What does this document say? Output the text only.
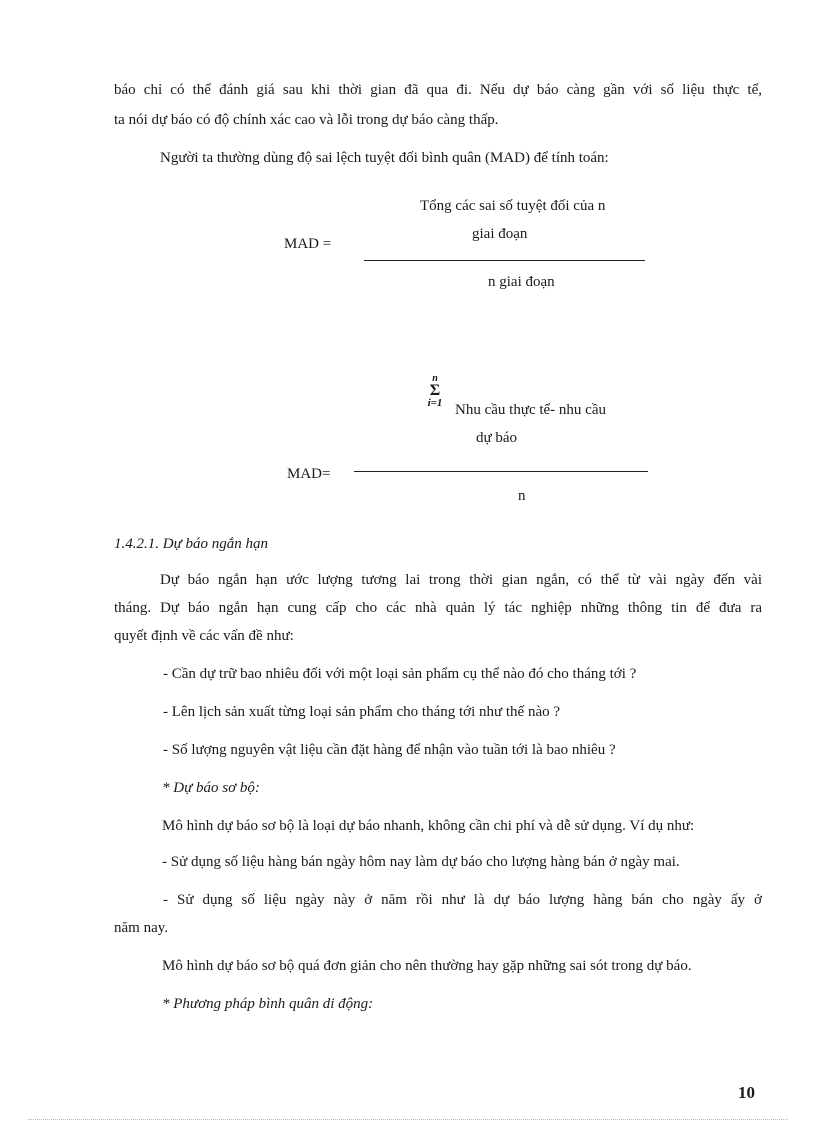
báo chỉ có thể đánh giá sau khi thời gian đã qua đi. Nếu dự báo càng gần với số liệu thực tế,

ta nói dự báo có độ chính xác cao và lỗi trong dự báo càng thấp.

Người ta thường dùng độ sai lệch tuyệt đối bình quân (MAD) để tính toán:

Tổng các sai số tuyệt đối của n
giai đoạn
MAD =
n giai đoạn
n
Σ
i=1 Nhu cầu thực tế- nhu cầu
dự báo
MAD=
n

1.4.2.1. Dự báo ngắn hạn

Dự báo ngắn hạn ước lượng tương lai trong thời gian ngắn, có thể từ vài ngày đến vài

tháng. Dự báo ngắn hạn cung cấp cho các nhà quản lý tác nghiệp những thông tin để đưa ra

quyết định về các vấn đề như:

- Cần dự trữ bao nhiêu đối với một loại sản phẩm cụ thể nào đó cho tháng tới ?

- Lên lịch sản xuất từng loại sản phẩm cho tháng tới như thế nào ?

- Số lượng nguyên vật liệu cần đặt hàng để nhận vào tuần tới là bao nhiêu ?

* Dự báo sơ bộ:

Mô hình dự báo sơ bộ là loại dự báo nhanh, không cần chi phí và dễ sử dụng. Ví dụ như:

- Sử dụng số liệu hàng bán ngày hôm nay làm dự báo cho lượng hàng bán ở ngày mai.

- Sử dụng số liệu ngày này ở năm rồi như là dự báo lượng hàng bán cho ngày ấy ở

năm nay.

Mô hình dự báo sơ bộ quá đơn giản cho nên thường hay gặp những sai sót trong dự báo.

* Phương pháp bình quân di động:

10
